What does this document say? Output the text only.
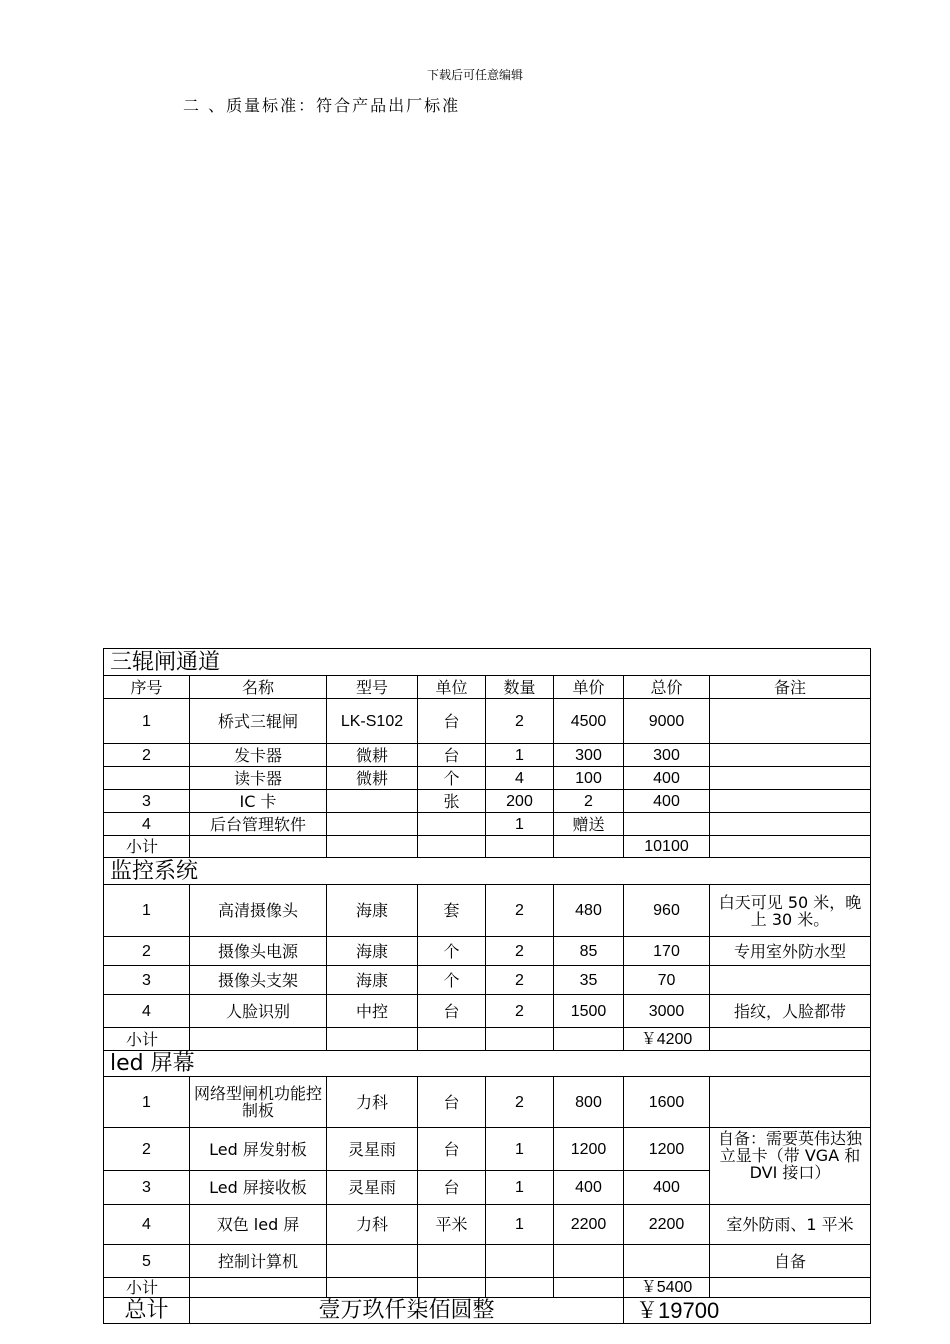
下载后可任意编辑
二 、质量标准：符合产品出厂标准
三辊闸通道							
序号	名称	型号	单位	数量	单价	总价	备注
1	桥式三辊闸	LK-S102	台	2	4500	9000	
2	发卡器	微耕	台	1	300	300	
	读卡器	微耕	个	4	100	400	
3	IC 卡		张	200	2	400	
4	后台管理软件			1	赠送		
小计						10100	
监控系统							
1	高清摄像头	海康	套	2	480	960	白天可见 50 米，晚上 30 米。
2	摄像头电源	海康	个	2	85	170	专用室外防水型
3	摄像头支架	海康	个	2	35	70	
4	人脸识别	中控	台	2	1500	3000	指纹，人脸都带
小计						￥4200	
led 屏幕							
1	网络型闸机功能控制板	力科	台	2	800	1600	
2	Led 屏发射板	灵星雨	台	1	1200	1200	自备：需要英伟达独立显卡（带 VGA 和 DVI 接口）
3	Led 屏接收板	灵星雨	台	1	400	400	
4	双色 led 屏	力科	平米	1	2200	2200	室外防雨、1 平米
5	控制计算机						自备
小计						￥5400	
总计	壹万玖仟柒佰圆整					￥19700	
